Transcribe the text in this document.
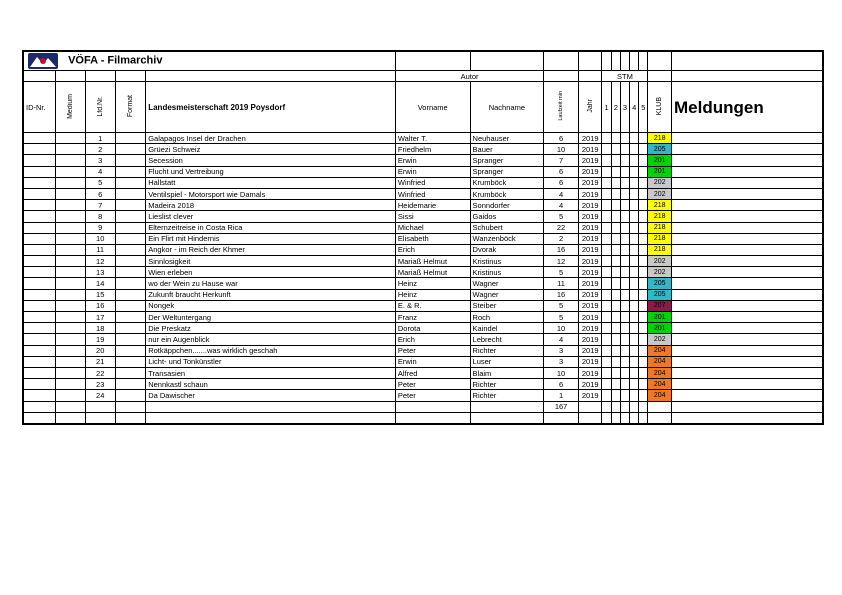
VÖFA - Filmarchiv															
					Autor				STM						
ID-Nr.	Medium	Lfd.Nr.	Format	Landesmeisterschaft 2019 Poysdorf	Vorname	Nachname	Laufzeit min	Jahr	1	2	3	4	5	KLUB	Meldungen
		1		Galapagos Insel der Drachen	Walter T.	Neuhauser	6	2019						218	
		2		Grüezi Schweiz	Friedhelm	Bauer	10	2019						205	
		3		Secession	Erwin	Spranger	7	2019						201	
		4		Flucht und Vertreibung	Erwin	Spranger	6	2019						201	
		5		Hallstatt	Winfried	Krumböck	6	2019						202	
		6		Ventilspiel - Motorsport wie Damals	Winfried	Krumböck	4	2019						202	
		7		Madeira 2018	Heidemarie	Sonndorfer	4	2019						218	
		8		Lieslist clever	Sissi	Gaidos	5	2019						218	
		9		Elternzeitreise in Costa Rica	Michael	Schubert	22	2019						218	
		10		Ein Flirt mit Hindernis	Elisabeth	Wanzenböck	2	2019						218	
		11		Angkor - im Reich der Khmer	Erich	Dvorak	16	2019						218	
		12		Sinnlosigkeit	Mariaß Helmut	Kristinus	12	2019						202	
		13		Wien erleben	Mariaß Helmut	Kristinus	5	2019						202	
		14		wo der Wein zu Hause war	Heinz	Wagner	11	2019						205	
		15		Zukunft braucht Herkunft	Heinz	Wagner	16	2019						205	
		16		Nongek	E. & R.	Steiber	5	2019						207	
		17		Der Weltuntergang	Franz	Roch	5	2019						201	
		18		Die Preskatz	Dorota	Kaindel	10	2019						201	
		19		nur ein Augenblick	Erich	Lebrecht	4	2019						202	
		20		Rotkäppchen.......was wirklich geschah	Peter	Richter	3	2019						204	
		21		Licht- und Tonkünstler	Erwin	Luser	3	2019						204	
		22		Transasien	Alfred	Blaim	10	2019						204	
		23		Nennkastl schaun	Peter	Richter	6	2019						204	
		24		Da Dawischer	Peter	Richter	1	2019						204	
							167								
